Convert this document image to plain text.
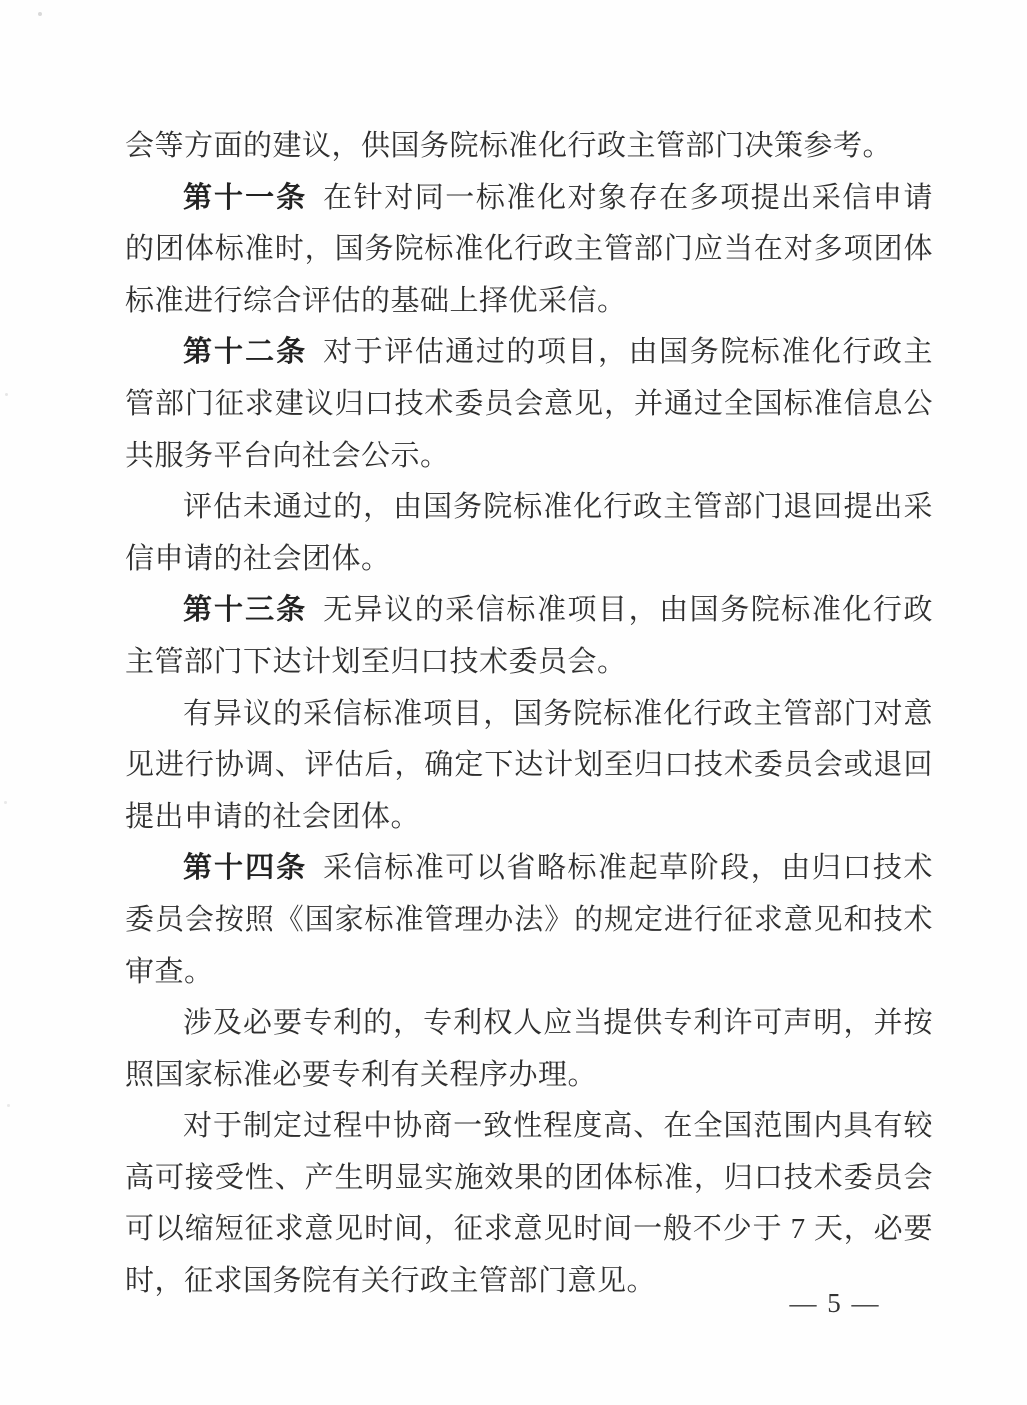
会等方面的建议，供国务院标准化行政主管部门决策参考。

第十一条 在针对同一标准化对象存在多项提出采信申请的团体标准时，国务院标准化行政主管部门应当在对多项团体标准进行综合评估的基础上择优采信。

第十二条 对于评估通过的项目，由国务院标准化行政主管部门征求建议归口技术委员会意见，并通过全国标准信息公共服务平台向社会公示。

评估未通过的，由国务院标准化行政主管部门退回提出采信申请的社会团体。

第十三条 无异议的采信标准项目，由国务院标准化行政主管部门下达计划至归口技术委员会。

有异议的采信标准项目，国务院标准化行政主管部门对意见进行协调、评估后，确定下达计划至归口技术委员会或退回提出申请的社会团体。

第十四条 采信标准可以省略标准起草阶段，由归口技术委员会按照《国家标准管理办法》的规定进行征求意见和技术审查。

涉及必要专利的，专利权人应当提供专利许可声明，并按照国家标准必要专利有关程序办理。

对于制定过程中协商一致性程度高、在全国范围内具有较高可接受性、产生明显实施效果的团体标准，归口技术委员会可以缩短征求意见时间，征求意见时间一般不少于 7 天，必要时，征求国务院有关行政主管部门意见。

— 5 —
